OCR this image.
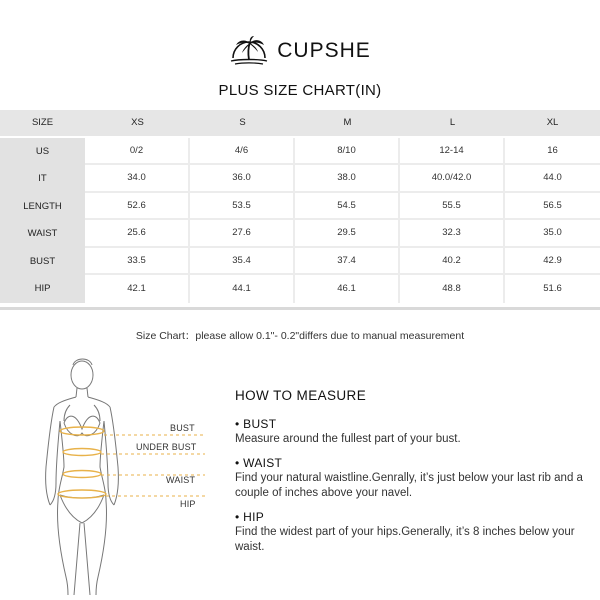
CUPSHE
PLUS SIZE CHART(IN)
SIZE	XS	S	M	L	XL
US	0/2	4/6	8/10	12-14	16
IT	34.0	36.0	38.0	40.0/42.0	44.0
LENGTH	52.6	53.5	54.5	55.5	56.5
WAIST	25.6	27.6	29.5	32.3	35.0
BUST	33.5	35.4	37.4	40.2	42.9
HIP	42.1	44.1	46.1	48.8	51.6
Size Chart：please allow 0.1"- 0.2"differs due to manual measurement
BUST
UNDER BUST
WAIST
HIP
HOW TO MEASURE
• BUST
Measure around the fullest part of your bust.
• WAIST
Find your natural waistline.Genrally, it’s just below your last rib and a couple of inches above your navel.
• HIP
Find the widest part of your hips.Generally, it’s 8 inches below your waist.
